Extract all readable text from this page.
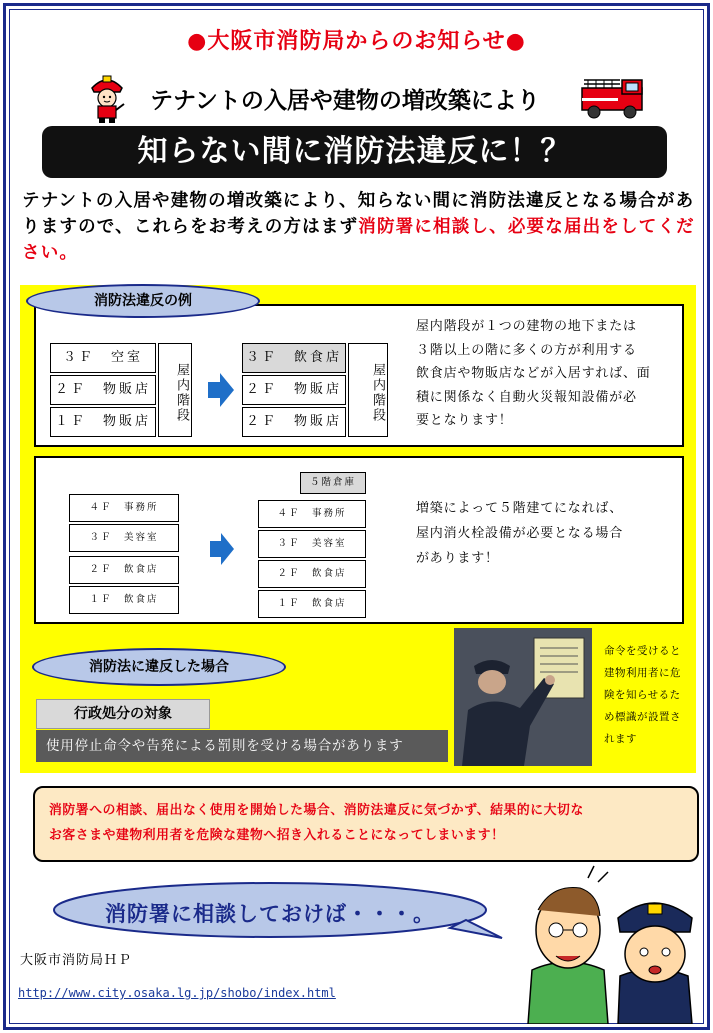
●大阪市消防局からのお知らせ●
テナントの入居や建物の増改築により
知らない間に消防法違反に！？
テナントの入居や建物の増改築により、知らない間に消防法違反となる場合がありますので、これらをお考えの方はまず消防署に相談し、必要な届出をしてください。
消防法違反の例
３Ｆ　空室
２Ｆ　物販店
１Ｆ　物販店	屋内階段
３Ｆ　飲食店
２Ｆ　物販店
２Ｆ　物販店	屋内階段
屋内階段が１つの建物の地下または
３階以上の階に多くの方が利用する
飲食店や物販店などが入居すれば、面
積に関係なく自動火災報知設備が必
要となります！
４Ｆ　事務所
３Ｆ　美容室
２Ｆ　飲食店
１Ｆ　飲食店
５階倉庫
４Ｆ　事務所
３Ｆ　美容室
２Ｆ　飲食店
１Ｆ　飲食店
増築によって５階建てになれば、
屋内消火栓設備が必要となる場合
があります！
消防法に違反した場合
行政処分の対象
使用停止命令や告発による罰則を受ける場合があります
命令を受けると
建物利用者に危
険を知らせるた
め標識が設置さ
れます
消防署への相談、届出なく使用を開始した場合、消防法違反に気づかず、結果的に大切な
お客さまや建物利用者を危険な建物へ招き入れることになってしまいます！
消防署に相談しておけば・・・。
大阪市消防局ＨＰ
http://www.city.osaka.lg.jp/shobo/index.html
